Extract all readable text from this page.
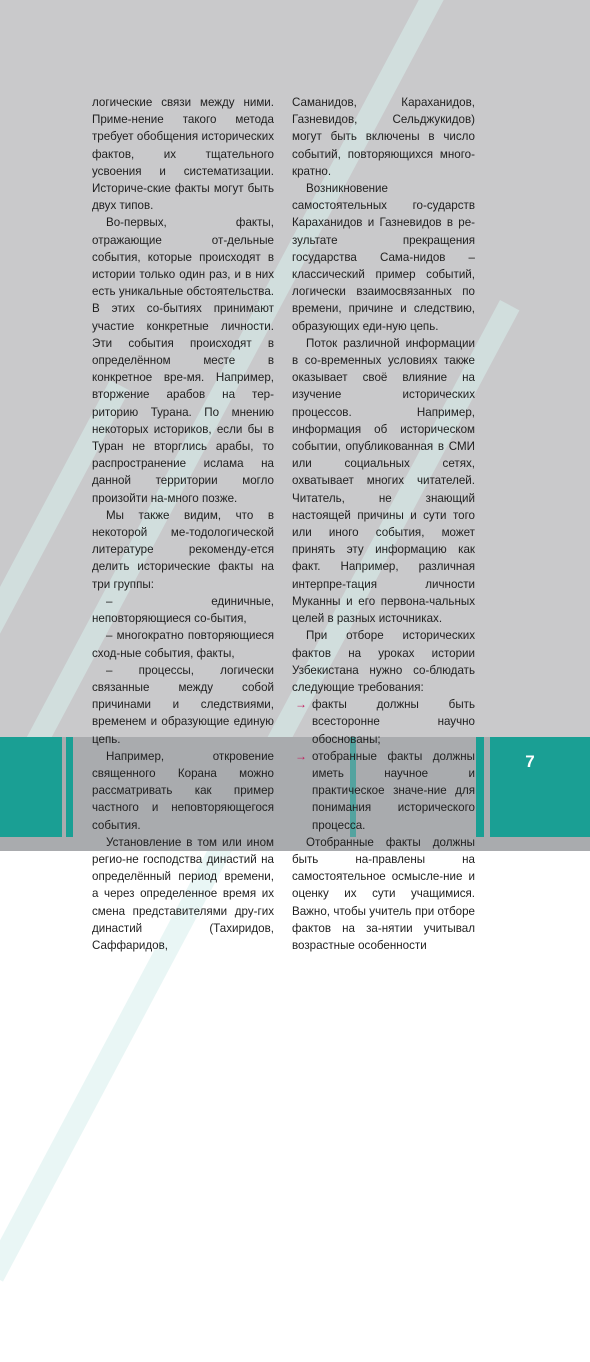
7

логические связи между ними. Приме-нение такого метода требует обобщения исторических фактов, их тщательного усвоения и систематизации. Историче-ские факты могут быть двух типов.

Во-первых, факты, отражающие от-дельные события, которые происходят в истории только один раз, и в них есть уникальные обстоятельства. В этих со-бытиях принимают участие конкретные личности. Эти события происходят в определённом месте в конкретное вре-мя. Например, вторжение арабов на тер-риторию Турана. По мнению некоторых историков, если бы в Туран не вторглись арабы, то распространение ислама на данной территории могло произойти на-много позже.

Мы также видим, что в некоторой ме-тодологической литературе рекоменду-ется делить исторические факты на три группы:

– единичные, неповторяющиеся со-бытия,

– многократно повторяющиеся сход-ные события, факты,

– процессы, логически связанные между собой причинами и следствиями, временем и образующие единую цепь.

Например, откровение священного Корана можно рассматривать как пример частного и неповторяющегося события.

Установление в том или ином регио-не господства династий на определённый период времени, а через определенное время их смена представителями дру-гих династий (Тахиридов, Саффаридов,

Саманидов, Караханидов, Газневидов, Сельджукидов) могут быть включены в число событий, повторяющихся много-кратно.

Возникновение самостоятельных го-сударств Караханидов и Газневидов в ре-зультате прекращения государства Сама-нидов – классический пример событий, логически взаимосвязанных по времени, причине и следствию, образующих еди-ную цепь.

Поток различной информации в со-временных условиях также оказывает своё влияние на изучение исторических процессов. Например, информация об историческом событии, опубликованная в СМИ или социальных сетях, охватывает многих читателей. Читатель, не знающий настоящей причины и сути того или иного события, может принять эту информацию как факт. Например, различная интерпре-тация личности Муканны и его первона-чальных целей в разных источниках.

При отборе исторических фактов на уроках истории Узбекистана нужно со-блюдать следующие требования:

→ факты должны быть всесторонне научно обоснованы;
→ отобранные факты должны иметь научное и практическое значе-ние для понимания исторического процесса.

Отобранные факты должны быть на-правлены на самостоятельное осмысле-ние и оценку их сути учащимися. Важно, чтобы учитель при отборе фактов на за-нятии учитывал возрастные особенности
